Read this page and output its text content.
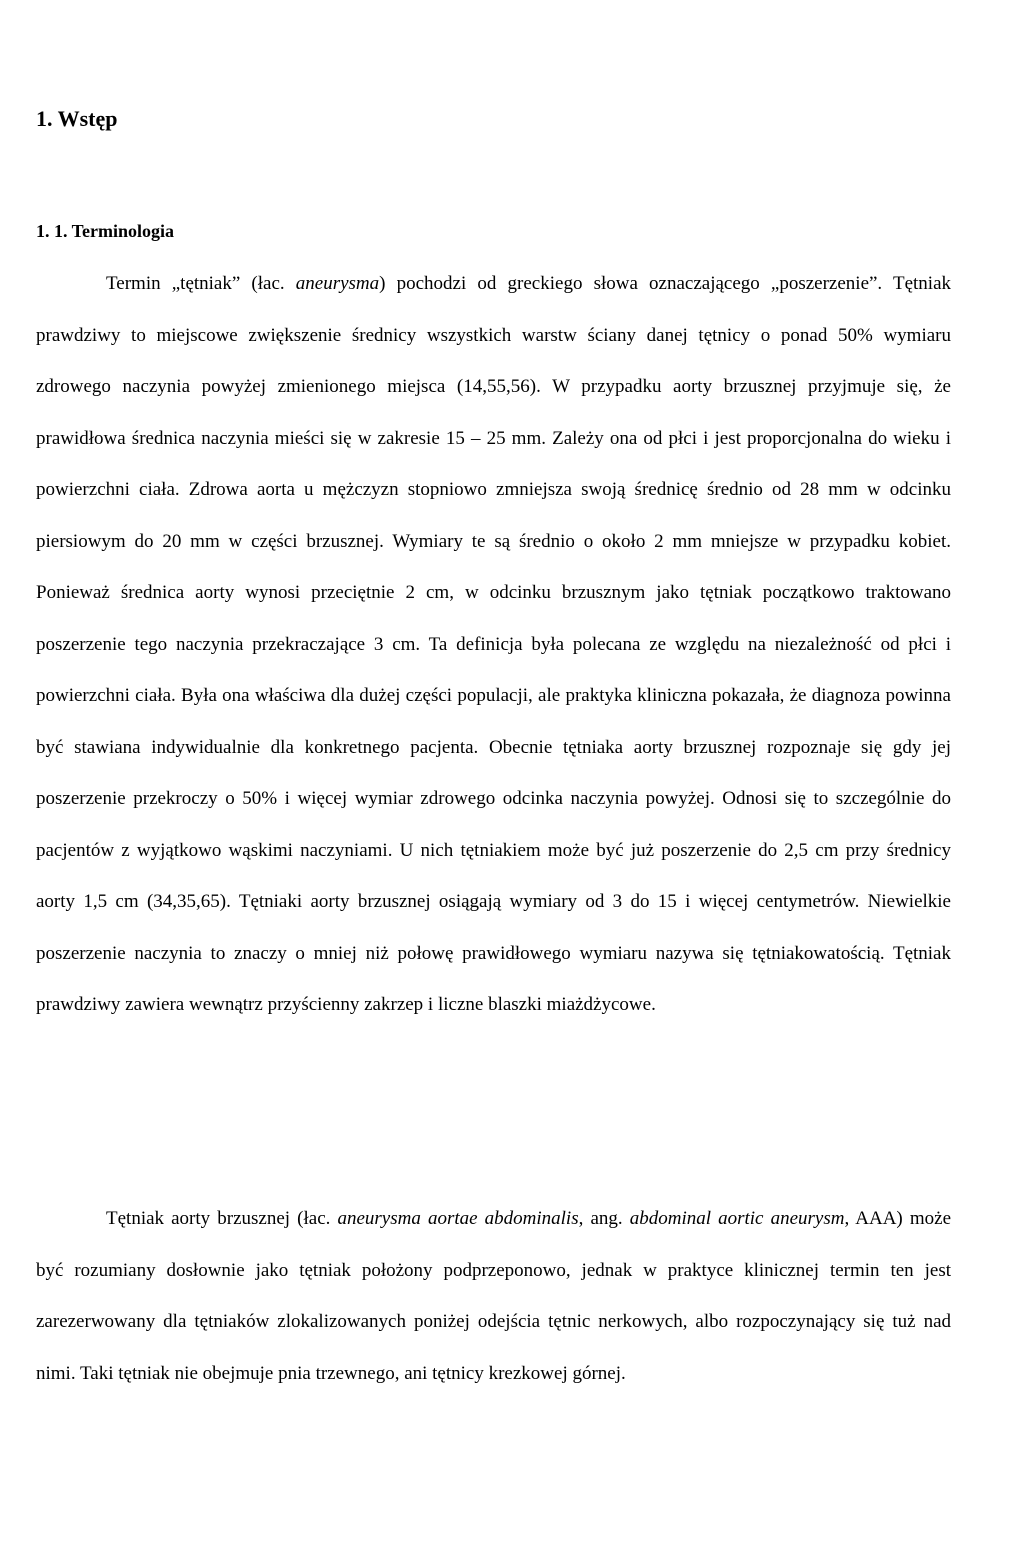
1. Wstęp
1. 1. Terminologia

Termin „tętniak” (łac. aneurysma) pochodzi od greckiego słowa oznaczającego „poszerzenie”. Tętniak prawdziwy to miejscowe zwiększenie średnicy wszystkich warstw ściany danej tętnicy o ponad 50% wymiaru zdrowego naczynia powyżej zmienionego miejsca (14,55,56). W przypadku aorty brzusznej przyjmuje się, że prawidłowa średnica naczynia mieści się w zakresie 15 – 25 mm. Zależy ona od płci i jest proporcjonalna do wieku i powierzchni ciała. Zdrowa aorta u mężczyzn stopniowo zmniejsza swoją średnicę średnio od 28 mm w odcinku piersiowym do 20 mm w części brzusznej. Wymiary te są średnio o około 2 mm mniejsze w przypadku kobiet. Ponieważ średnica aorty wynosi przeciętnie 2 cm, w odcinku brzusznym jako tętniak początkowo traktowano poszerzenie tego naczynia przekraczające 3 cm. Ta definicja była polecana ze względu na niezależność od płci i powierzchni ciała. Była ona właściwa dla dużej części populacji, ale praktyka kliniczna pokazała, że diagnoza powinna być stawiana indywidualnie dla konkretnego pacjenta. Obecnie tętniaka aorty brzusznej rozpoznaje się gdy jej poszerzenie przekroczy o 50% i więcej wymiar zdrowego odcinka naczynia powyżej. Odnosi się to szczególnie do pacjentów z wyjątkowo wąskimi naczyniami. U nich tętniakiem może być już poszerzenie do 2,5 cm przy średnicy aorty 1,5 cm (34,35,65). Tętniaki aorty brzusznej osiągają wymiary od 3 do 15 i więcej centymetrów. Niewielkie poszerzenie naczynia to znaczy o mniej niż połowę prawidłowego wymiaru nazywa się tętniakowatością. Tętniak prawdziwy zawiera wewnątrz przyścienny zakrzep i liczne blaszki miażdżycowe.

Tętniak aorty brzusznej (łac. aneurysma aortae abdominalis, ang. abdominal aortic aneurysm, AAA) może być rozumiany dosłownie jako tętniak położony podprzeponowo, jednak w praktyce klinicznej termin ten jest zarezerwowany dla tętniaków zlokalizowanych poniżej odejścia tętnic nerkowych, albo rozpoczynający się tuż nad nimi. Taki tętniak nie obejmuje pnia trzewnego, ani tętnicy krezkowej górnej.
